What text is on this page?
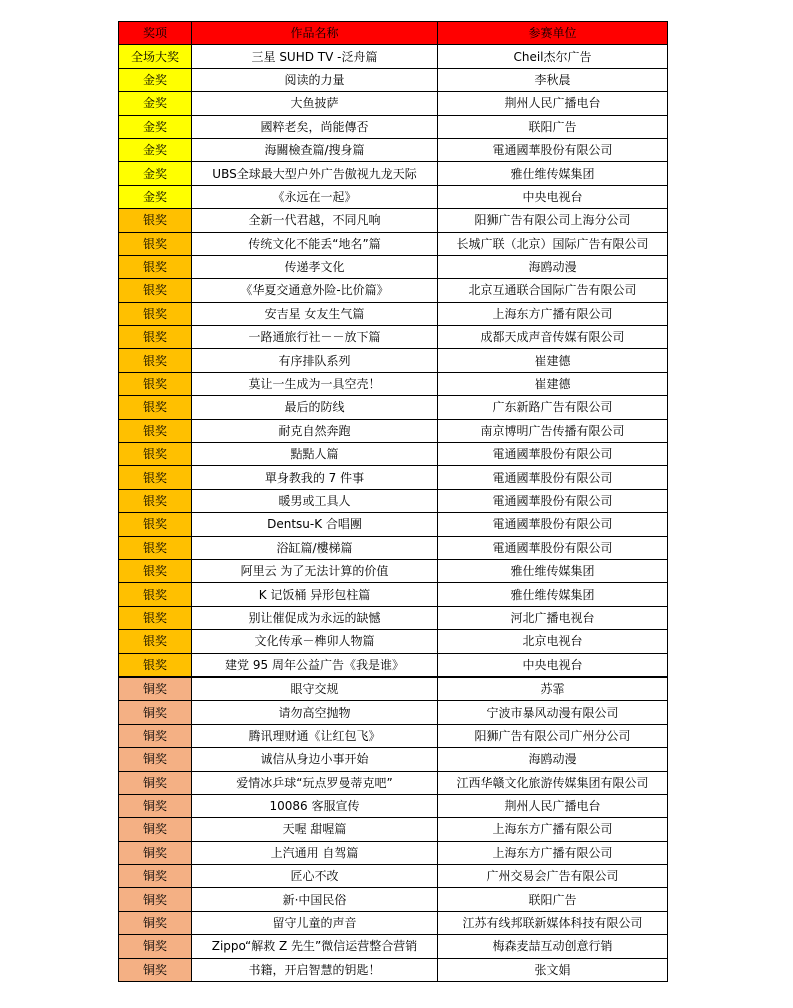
奖项	作品名称	参赛单位
全场大奖	三星 SUHD TV -泛舟篇	Cheil杰尔广告
金奖	阅读的力量	李秋晨
金奖	大鱼披萨	荆州人民广播电台
金奖	國粹老矣，尚能傳否	联阳广告
金奖	海關檢查篇/搜身篇	電通國華股份有限公司
金奖	UBS全球最大型户外广告傲视九龙天际	雅仕维传媒集团
金奖	《永远在一起》	中央电视台
银奖	全新一代君越，不同凡响	阳狮广告有限公司上海分公司
银奖	传统文化不能丢“地名”篇	长城广联（北京）国际广告有限公司
银奖	传递孝文化	海鸥动漫
银奖	《华夏交通意外险-比价篇》	北京互通联合国际广告有限公司
银奖	安吉星 女友生气篇	上海东方广播有限公司
银奖	一路通旅行社－－放下篇	成都天成声音传媒有限公司
银奖	有序排队系列	崔建德
银奖	莫让一生成为一具空壳！	崔建德
银奖	最后的防线	广东新路广告有限公司
银奖	耐克自然奔跑	南京博明广告传播有限公司
银奖	點點人篇	電通國華股份有限公司
银奖	單身教我的 7 件事	電通國華股份有限公司
银奖	暖男或工具人	電通國華股份有限公司
银奖	Dentsu-K 合唱團	電通國華股份有限公司
银奖	浴缸篇/樓梯篇	電通國華股份有限公司
银奖	阿里云 为了无法计算的价值	雅仕维传媒集团
银奖	K 记饭桶 异形包柱篇	雅仕维传媒集团
银奖	别让催促成为永远的缺憾	河北广播电视台
银奖	文化传承－榫卯人物篇	北京电视台
银奖	建党 95 周年公益广告《我是谁》	中央电视台
铜奖	眼守交规	苏霏
铜奖	请勿高空抛物	宁波市暴风动漫有限公司
铜奖	腾讯理财通《让红包飞》	阳狮广告有限公司广州分公司
铜奖	诚信从身边小事开始	海鸥动漫
铜奖	爱情冰乒球“玩点罗曼蒂克吧”	江西华赣文化旅游传媒集团有限公司
铜奖	10086 客服宣传	荆州人民广播电台
铜奖	天喔 甜喔篇	上海东方广播有限公司
铜奖	上汽通用 自驾篇	上海东方广播有限公司
铜奖	匠心不改	广州交易会广告有限公司
铜奖	新·中国民俗	联阳广告
铜奖	留守儿童的声音	江苏有线邦联新媒体科技有限公司
铜奖	Zippo“解救 Z 先生”微信运营整合营销	梅森麦喆互动创意行销
铜奖	书籍，开启智慧的钥匙！	张文娟
